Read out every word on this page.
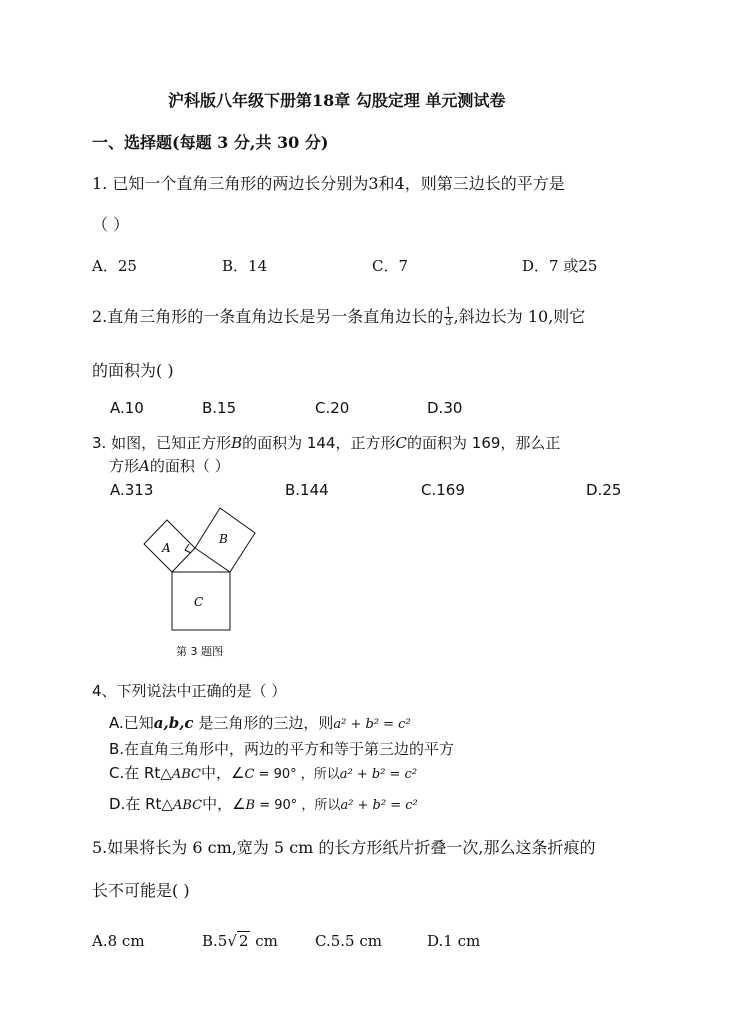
沪科版八年级下册第18章 勾股定理 单元测试卷
一、选择题(每题 3 分,共 30 分)
1. 已知一个直角三角形的两边长分别为3和4，则第三边长的平方是
（ ）
A．25	B．14	C．7	D．7 或25
2.直角三角形的一条直角边长是另一条直角边长的 $\frac{1}{3}$ ,斜边长为 10,则它
的面积为( )
A.10	B.15	C.20	D.30
3. 如图，已知正方形B的面积为 144，正方形C的面积为 169，那么正
方形A的面积（ ）
A.313	B.144	C.169	D.25
A
B
C
第 3 题图
4、下列说法中正确的是（ ）
A.已知a,b,c 是三角形的三边，则a² + b² = c²
B.在直角三角形中，两边的平方和等于第三边的平方
C.在 Rt△ABC中，∠C = 90° ，所以a² + b² = c²
D.在 Rt△ABC中，∠B = 90° ，所以a² + b² = c²
5.如果将长为 6 cm,宽为 5 cm 的长方形纸片折叠一次,那么这条折痕的
长不可能是( )
A.8 cm	B.5√ 2 cm C.5.5 cm	D.1 cm
